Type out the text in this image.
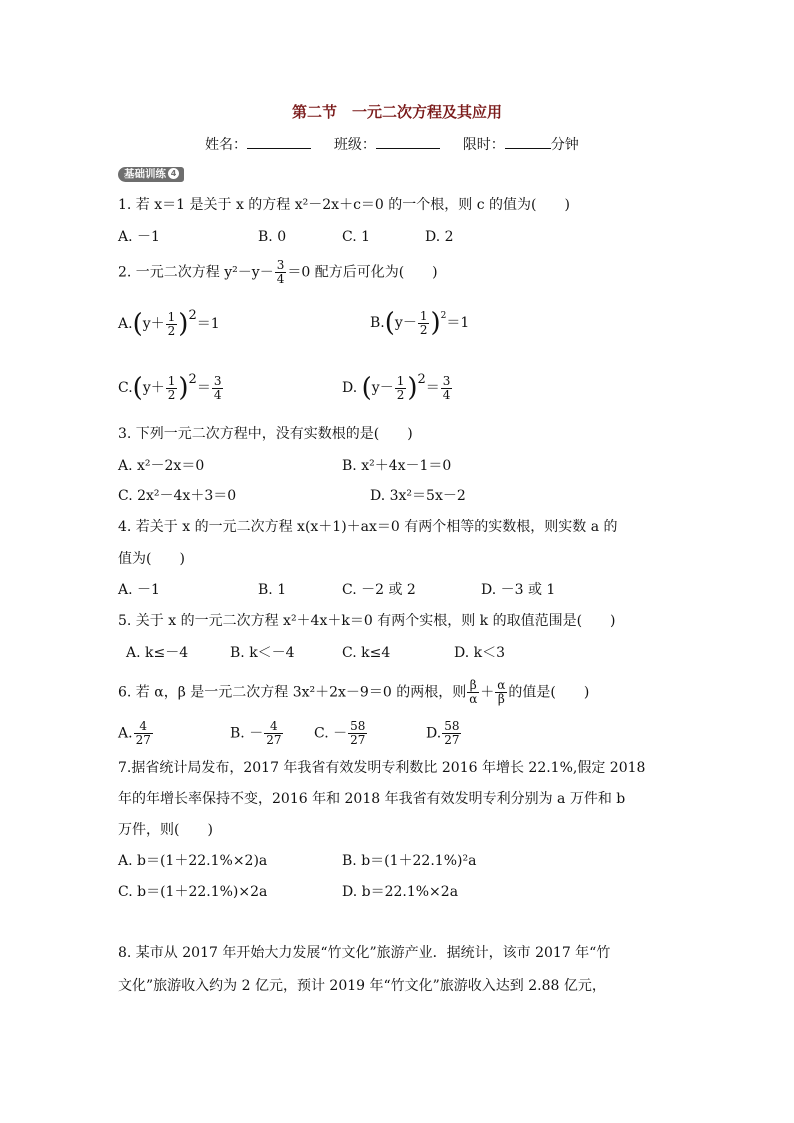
第二节　一元二次方程及其应用
姓名：	班级：	限时：	分钟
基础训练 4
1. 若 x＝1 是关于 x 的方程 x²－2x＋c＝0 的一个根，则 c 的值为(　　)
A. －1	B. 0	C. 1	D. 2
2. 一元二次方程 $y^2-y- \frac{3}{4} =0$ 配方后可化为(　　)
$A.(y+ \frac{1}{2} )2=1$	$B.(y- \frac{1}{2} )^2=1$
$C.(y+ \frac{1}{2} )2= \frac{3}{4}$	D. $(y- \frac{1}{2} )2= \frac{3}{4}$
3. 下列一元二次方程中，没有实数根的是(　　)
A. x²－2x＝0	B. x²＋4x－1＝0
C. 2x²－4x＋3＝0	D. 3x²＝5x－2
4. 若关于 x 的一元二次方程 x(x＋1)＋ax＝0 有两个相等的实数根，则实数 a 的
值为(　　)
A. －1	B. 1	C. －2 或 2	D. －3 或 1
5. 关于 x 的一元二次方程 x²＋4x＋k＝0 有两个实根，则 k 的取值范围是(　　)
A. k≤－4	B. k＜－4	C. k≤4	D. k＜3
6. 若 α，β 是一元二次方程 3x²＋2x－9＝0 的两根，则 $\frac{\beta}{\alpha} + \frac{\alpha}{\beta}$ 的值是(　　)
A. $\frac{4}{27}$	B. － $\frac{4}{27} C$. － $\frac{58}{27}$	D. $\frac{58}{27}$
7.据省统计局发布，2017 年我省有效发明专利数比 2016 年增长 22.1%,假定 2018
年的年增长率保持不变，2016 年和 2018 年我省有效发明专利分别为 a 万件和 b
万件，则(　　)
A. b＝(1＋22.1%×2)a	B. b＝(1＋22.1%)²a
C. b＝(1＋22.1%)×2a	D. b＝22.1%×2a
8. 某市从 2017 年开始大力发展“竹文化”旅游产业．据统计，该市 2017 年“竹
文化”旅游收入约为 2 亿元，预计 2019 年“竹文化”旅游收入达到 2.88 亿元，
